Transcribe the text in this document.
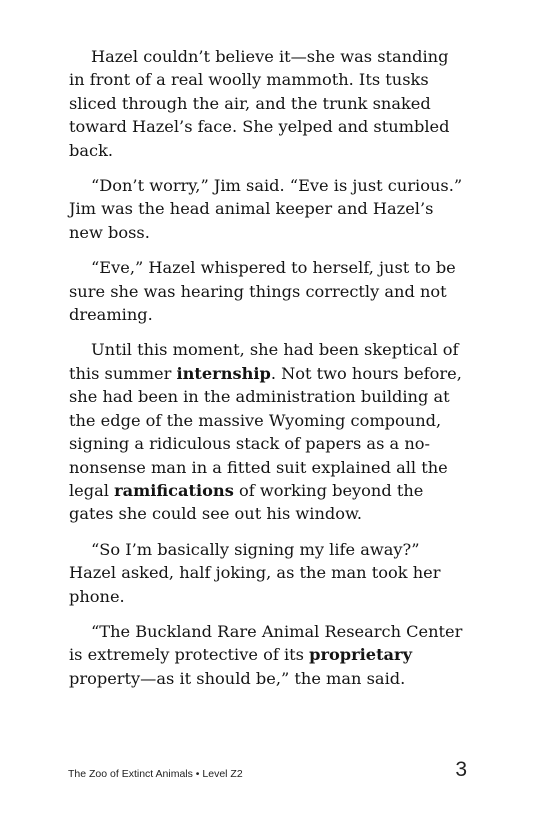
Hazel couldn’t believe it—she was standing in front of a real woolly mammoth. Its tusks sliced through the air, and the trunk snaked toward Hazel’s face. She yelped and stumbled back.

“Don’t worry,” Jim said. “Eve is just curious.” Jim was the head animal keeper and Hazel’s new boss.

“Eve,” Hazel whispered to herself, just to be sure she was hearing things correctly and not dreaming.

Until this moment, she had been skeptical of this summer internship. Not two hours before, she had been in the administration building at the edge of the massive Wyoming compound, signing a ridiculous stack of papers as a no-nonsense man in a fitted suit explained all the legal ramifications of working beyond the gates she could see out his window.

“So I’m basically signing my life away?” Hazel asked, half joking, as the man took her phone.

“The Buckland Rare Animal Research Center is extremely protective of its proprietary property—as it should be,” the man said.

The Zoo of Extinct Animals • Level Z2	3
